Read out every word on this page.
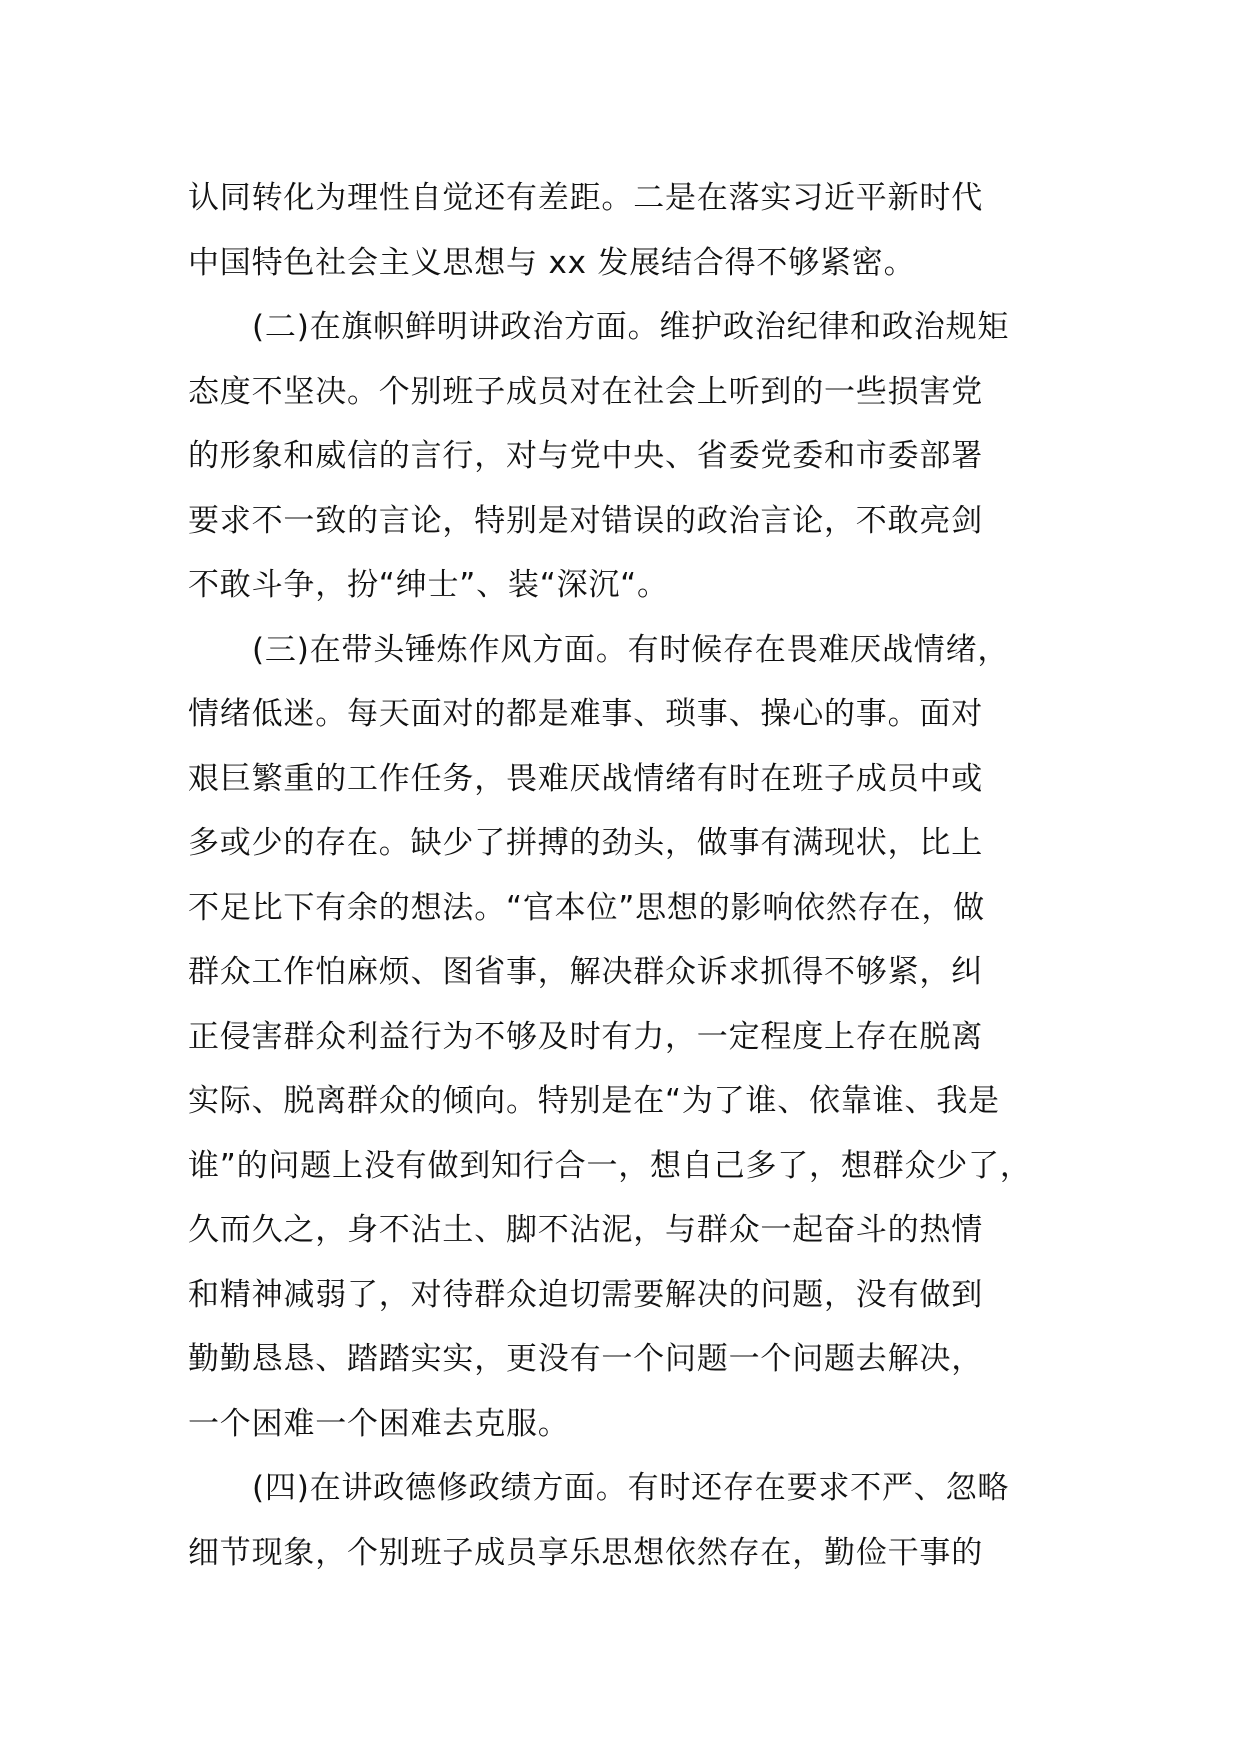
认同转化为理性自觉还有差距。二是在落实习近平新时代
中国特色社会主义思想与 xx 发展结合得不够紧密。
(二)在旗帜鲜明讲政治方面。维护政治纪律和政治规矩
态度不坚决。个别班子成员对在社会上听到的一些损害党
的形象和威信的言行，对与党中央、省委党委和市委部署
要求不一致的言论，特别是对错误的政治言论，不敢亮剑
不敢斗争，扮“绅士”、装“深沉“。
(三)在带头锤炼作风方面。有时候存在畏难厌战情绪，
情绪低迷。每天面对的都是难事、琐事、操心的事。面对
艰巨繁重的工作任务，畏难厌战情绪有时在班子成员中或
多或少的存在。缺少了拼搏的劲头，做事有满现状，比上
不足比下有余的想法。“官本位”思想的影响依然存在，做
群众工作怕麻烦、图省事，解决群众诉求抓得不够紧，纠
正侵害群众利益行为不够及时有力，一定程度上存在脱离
实际、脱离群众的倾向。特别是在“为了谁、依靠谁、我是
谁”的问题上没有做到知行合一，想自己多了，想群众少了，
久而久之，身不沾土、脚不沾泥，与群众一起奋斗的热情
和精神减弱了，对待群众迫切需要解决的问题，没有做到
勤勤恳恳、踏踏实实，更没有一个问题一个问题去解决，
一个困难一个困难去克服。
(四)在讲政德修政绩方面。有时还存在要求不严、忽略
细节现象，个别班子成员享乐思想依然存在，勤俭干事的
